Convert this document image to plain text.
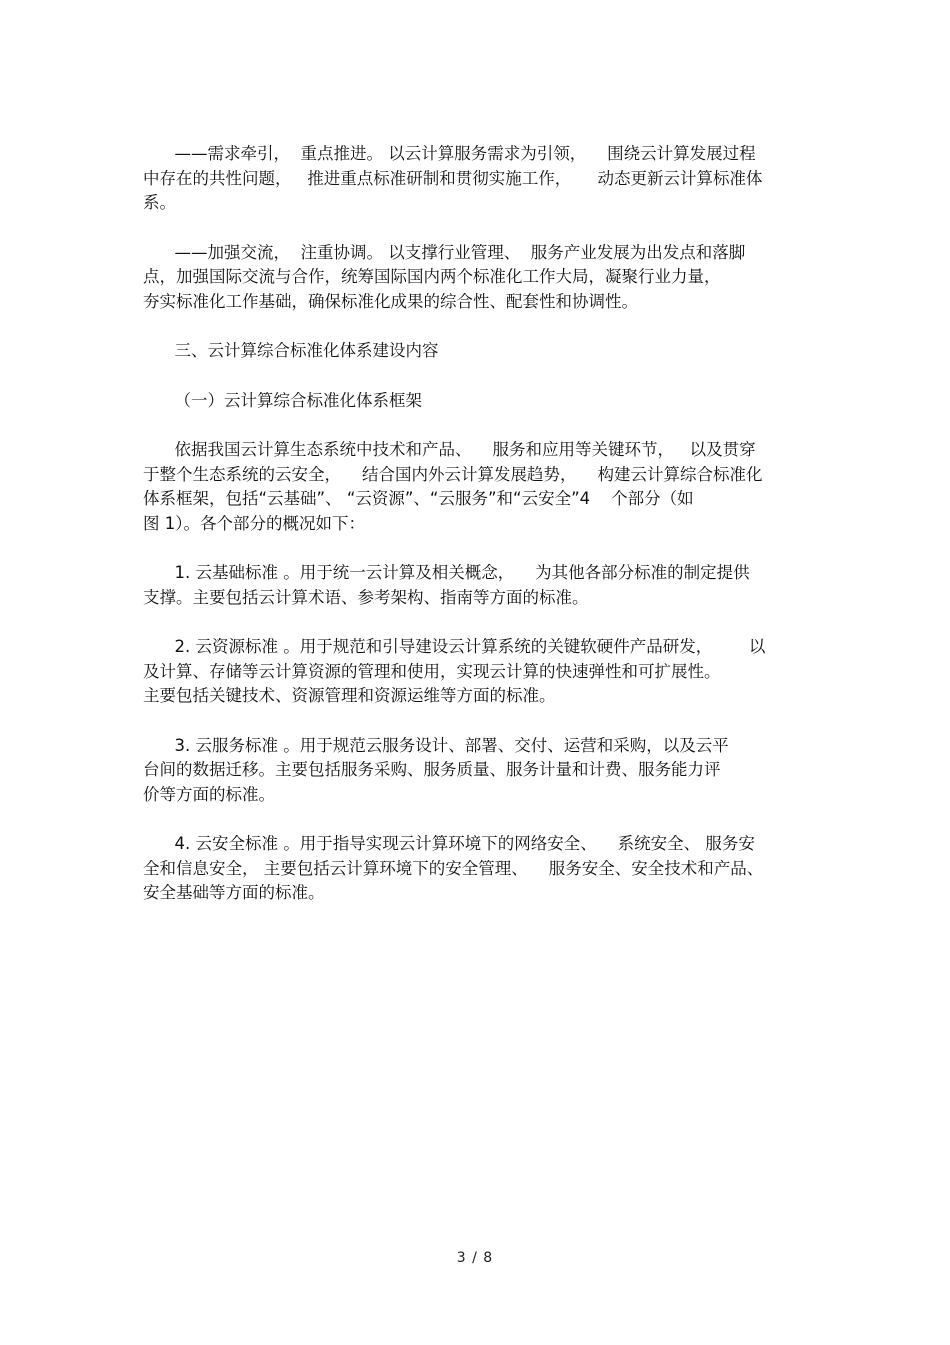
——需求牵引，  重点推进。 以云计算服务需求为引领，    围绕云计算发展过程
中存在的共性问题，   推进重点标准研制和贯彻实施工作，     动态更新云计算标准体
系。

——加强交流，  注重协调。 以支撑行业管理、  服务产业发展为出发点和落脚
点，加强国际交流与合作，统筹国际国内两个标准化工作大局，凝聚行业力量，
夯实标准化工作基础，确保标准化成果的综合性、配套性和协调性。

三、云计算综合标准化体系建设内容

（一）云计算综合标准化体系框架

依据我国云计算生态系统中技术和产品、    服务和应用等关键环节，   以及贯穿
于整个生态系统的云安全，    结合国内外云计算发展趋势，    构建云计算综合标准化
体系框架，包括“云基础”、 “云资源”、“云服务”和“云安全”4    个部分（如
图 1）。各个部分的概况如下：

1. 云基础标准 。用于统一云计算及相关概念，    为其他各部分标准的制定提供
支撑。主要包括云计算术语、参考架构、指南等方面的标准。

2. 云资源标准 。用于规范和引导建设云计算系统的关键软硬件产品研发，       以
及计算、存储等云计算资源的管理和使用，实现云计算的快速弹性和可扩展性。
主要包括关键技术、资源管理和资源运维等方面的标准。

3. 云服务标准 。用于规范云服务设计、部署、交付、运营和采购，以及云平
台间的数据迁移。主要包括服务采购、服务质量、服务计量和计费、服务能力评
价等方面的标准。

4. 云安全标准 。用于指导实现云计算环境下的网络安全、    系统安全、 服务安
全和信息安全， 主要包括云计算环境下的安全管理、    服务安全、安全技术和产品、
安全基础等方面的标准。

3 / 8
